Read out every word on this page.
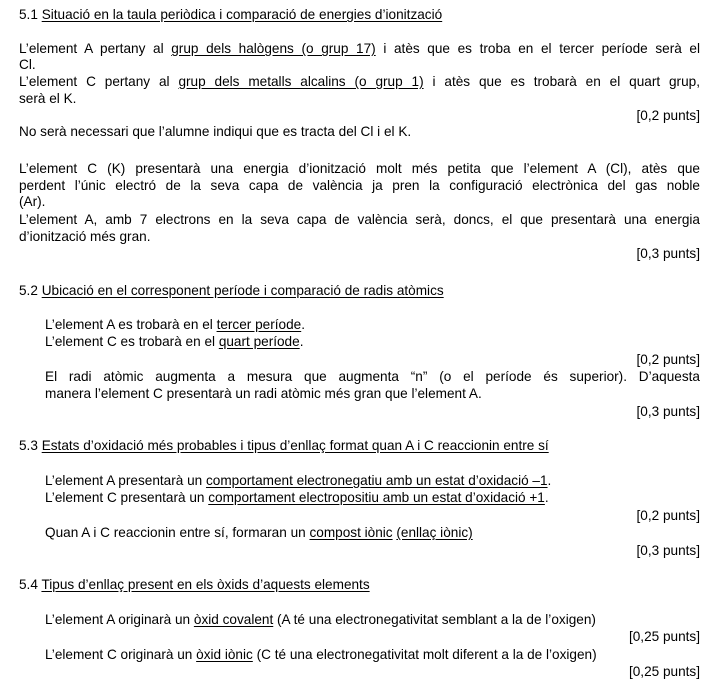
5.1 Situació en la taula periòdica i comparació de energies d’ionització
L’element A pertany al grup dels halògens (o grup 17) i atès que es troba en el tercer període serà el
Cl.
L’element C pertany al grup dels metalls alcalins (o grup 1) i atès que es trobarà en el quart grup,
serà el K.
[0,2 punts]
No serà necessari que l’alumne indiqui que es tracta del Cl i el K.
L’element C (K) presentarà una energia d’ionització molt més petita que l’element A (Cl), atès que
perdent l’únic electró de la seva capa de valència ja pren la configuració electrònica del gas noble
(Ar).
L’element A, amb 7 electrons en la seva capa de valència serà, doncs, el que presentarà una energia
d’ionització més gran.
[0,3 punts]
5.2 Ubicació en el corresponent període i comparació de radis atòmics
L’element A es trobarà en el tercer període.
L’element C es trobarà en el quart període.
[0,2 punts]
El radi atòmic augmenta a mesura que augmenta “n” (o el període és superior). D’aquesta
manera l’element C presentarà un radi atòmic més gran que l’element A.
[0,3 punts]
5.3 Estats d’oxidació més probables i tipus d’enllaç format quan A i C reaccionin entre sí
L’element A presentarà un comportament electronegatiu amb un estat d’oxidació –1.
L’element C presentarà un comportament electropositiu amb un estat d’oxidació +1.
[0,2 punts]
Quan A i C reaccionin entre sí, formaran un compost iònic (enllaç iònic)
[0,3 punts]
5.4 Tipus d’enllaç present en els òxids d’aquests elements
L’element A originarà un òxid covalent (A té una electronegativitat semblant a la de l’oxigen)
[0,25 punts]
L’element C originarà un òxid iònic (C té una electronegativitat molt diferent a la de l’oxigen)
[0,25 punts]
